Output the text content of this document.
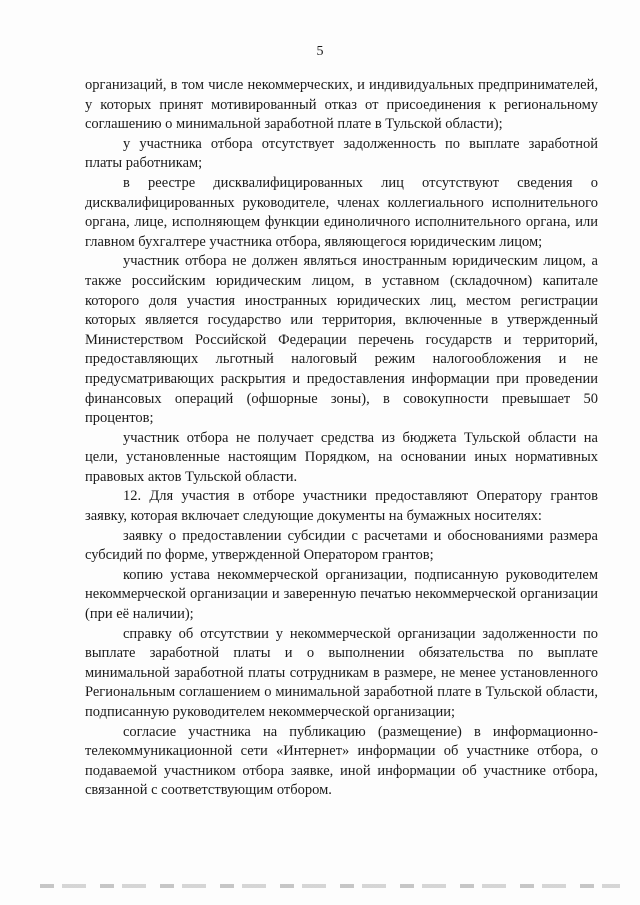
5

организаций, в том числе некоммерческих, и индивидуальных предпринимателей, у которых принят мотивированный отказ от присоединения к региональному соглашению о минимальной заработной плате в Тульской области);

у участника отбора отсутствует задолженность по выплате заработной платы работникам;

в реестре дисквалифицированных лиц отсутствуют сведения о дисквалифицированных руководителе, членах коллегиального исполнительного органа, лице, исполняющем функции единоличного исполнительного органа, или главном бухгалтере участника отбора, являющегося юридическим лицом;

участник отбора не должен являться иностранным юридическим лицом, а также российским юридическим лицом, в уставном (складочном) капитале которого доля участия иностранных юридических лиц, местом регистрации которых является государство или территория, включенные в утвержденный Министерством Российской Федерации перечень государств и территорий, предоставляющих льготный налоговый режим налогообложения и не предусматривающих раскрытия и предоставления информации при проведении финансовых операций (офшорные зоны), в совокупности превышает 50 процентов;

участник отбора не получает средства из бюджета Тульской области на цели, установленные настоящим Порядком, на основании иных нормативных правовых актов Тульской области.

12. Для участия в отборе участники предоставляют Оператору грантов заявку, которая включает следующие документы на бумажных носителях:

заявку о предоставлении субсидии с расчетами и обоснованиями размера субсидий по форме, утвержденной Оператором грантов;

копию устава некоммерческой организации, подписанную руководителем некоммерческой организации и заверенную печатью некоммерческой организации (при её наличии);

справку об отсутствии у некоммерческой организации задолженности по выплате заработной платы и о выполнении обязательства по выплате минимальной заработной платы сотрудникам в размере, не менее установленного Региональным соглашением о минимальной заработной плате в Тульской области, подписанную руководителем некоммерческой организации;

согласие участника на публикацию (размещение) в информационно-телекоммуникационной сети «Интернет» информации об участнике отбора, о подаваемой участником отбора заявке, иной информации об участнике отбора, связанной с соответствующим отбором.
